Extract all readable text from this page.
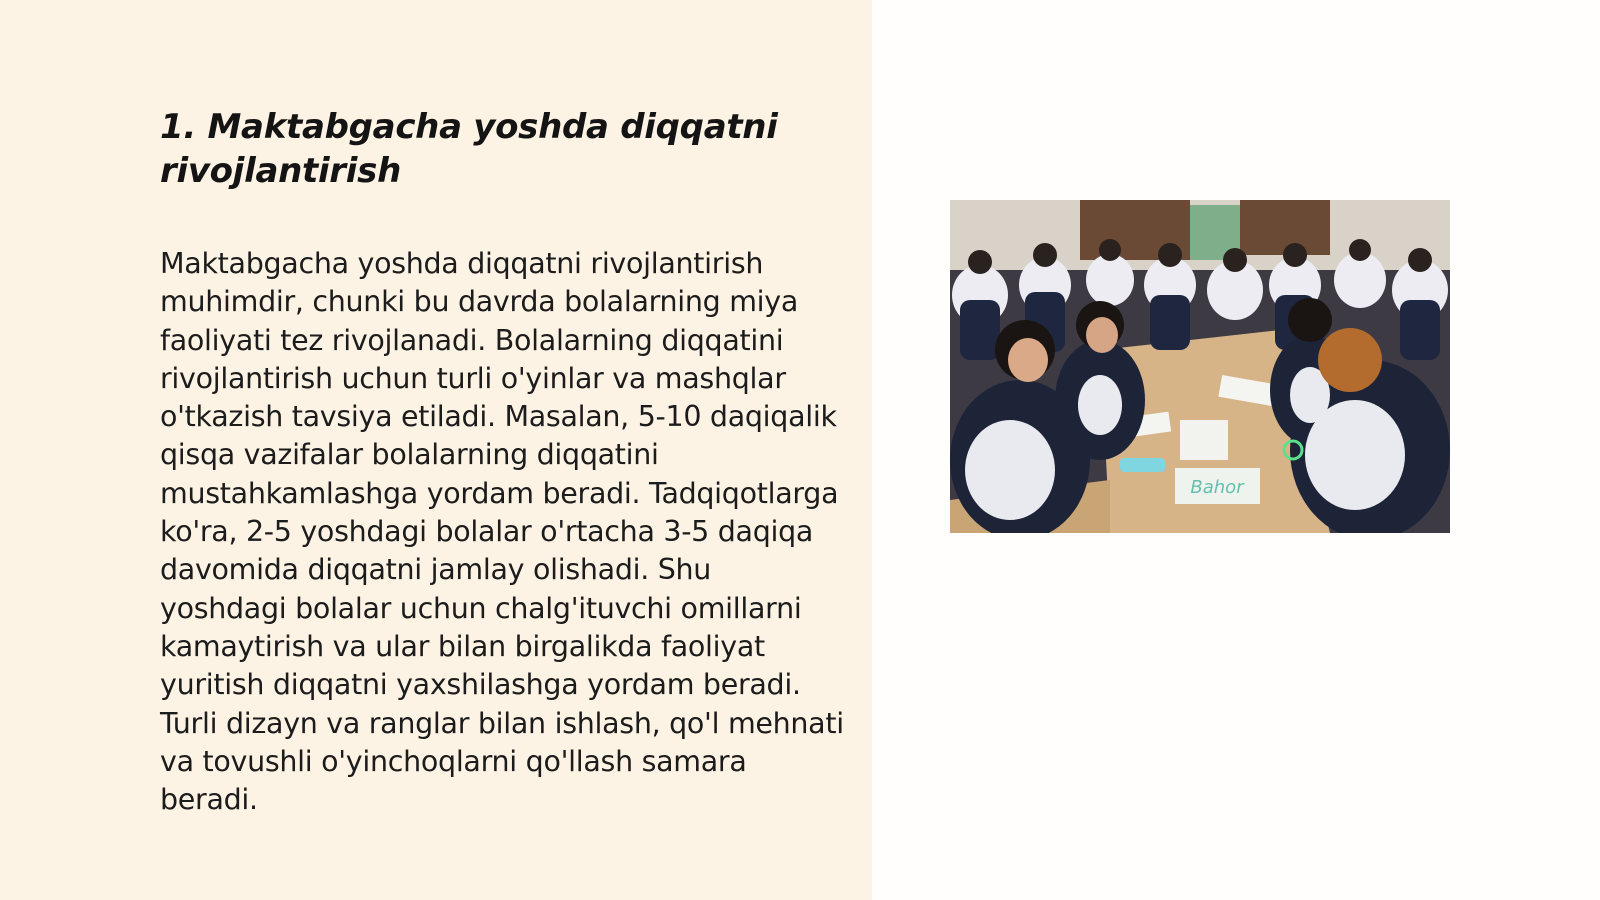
1. Maktabgacha yoshda diqqatni rivojlantirish

Maktabgacha yoshda diqqatni rivojlantirish muhimdir, chunki bu davrda bolalarning miya faoliyati tez rivojlanadi. Bolalarning diqqatini rivojlantirish uchun turli o'yinlar va mashqlar o'tkazish tavsiya etiladi. Masalan, 5-10 daqiqalik qisqa vazifalar bolalarning diqqatini mustahkamlashga yordam beradi. Tadqiqotlarga ko'ra, 2-5 yoshdagi bolalar o'rtacha 3-5 daqiqa davomida diqqatni jamlay olishadi. Shu yoshdagi bolalar uchun chalg'ituvchi omillarni kamaytirish va ular bilan birgalikda faoliyat yuritish diqqatni yaxshilashga yordam beradi. Turli dizayn va ranglar bilan ishlash, qo'l mehnati va tovushli o'yinchoqlarni qo'llash samara beradi.

Bahor
